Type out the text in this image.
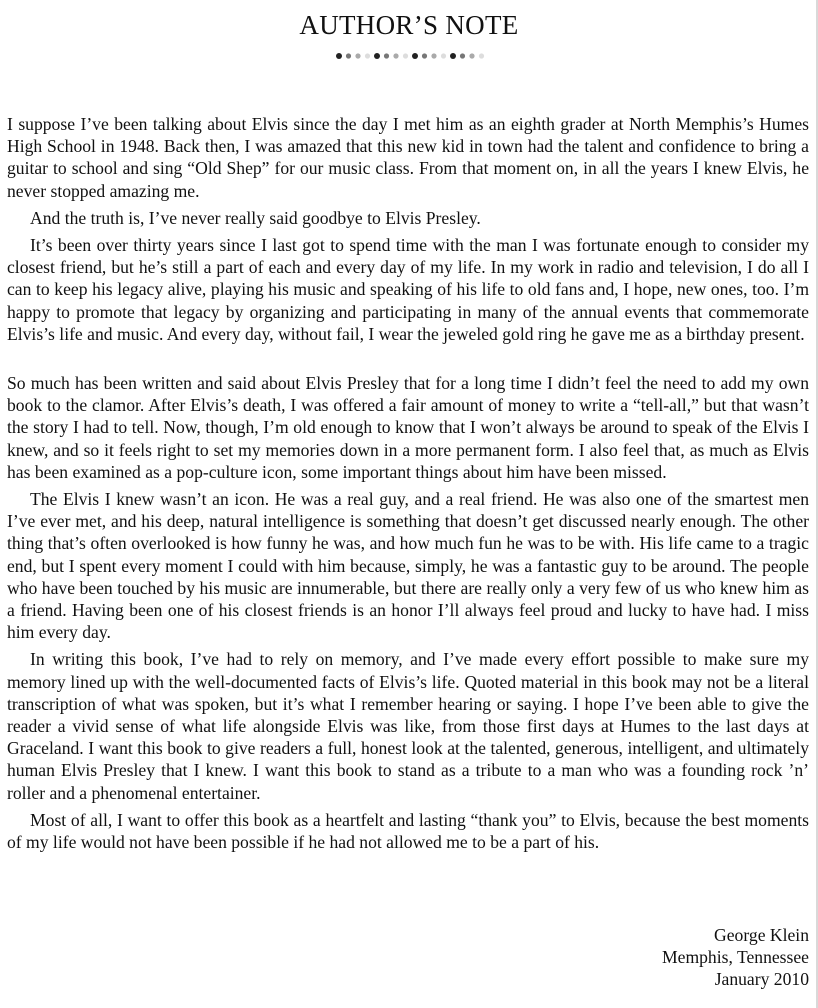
AUTHOR’S NOTE

I suppose I’ve been talking about Elvis since the day I met him as an eighth grader at North Memphis’s Humes High School in 1948. Back then, I was amazed that this new kid in town had the talent and confidence to bring a guitar to school and sing “Old Shep” for our music class. From that moment on, in all the years I knew Elvis, he never stopped amazing me.

And the truth is, I’ve never really said goodbye to Elvis Presley.

It’s been over thirty years since I last got to spend time with the man I was fortunate enough to consider my closest friend, but he’s still a part of each and every day of my life. In my work in radio and television, I do all I can to keep his legacy alive, playing his music and speaking of his life to old fans and, I hope, new ones, too. I’m happy to promote that legacy by organizing and participating in many of the annual events that commemorate Elvis’s life and music. And every day, without fail, I wear the jeweled gold ring he gave me as a birthday present.

So much has been written and said about Elvis Presley that for a long time I didn’t feel the need to add my own book to the clamor. After Elvis’s death, I was offered a fair amount of money to write a “tell-all,” but that wasn’t the story I had to tell. Now, though, I’m old enough to know that I won’t always be around to speak of the Elvis I knew, and so it feels right to set my memories down in a more permanent form. I also feel that, as much as Elvis has been examined as a pop-culture icon, some important things about him have been missed.

The Elvis I knew wasn’t an icon. He was a real guy, and a real friend. He was also one of the smartest men I’ve ever met, and his deep, natural intelligence is something that doesn’t get discussed nearly enough. The other thing that’s often overlooked is how funny he was, and how much fun he was to be with. His life came to a tragic end, but I spent every moment I could with him because, simply, he was a fantastic guy to be around. The people who have been touched by his music are innumerable, but there are really only a very few of us who knew him as a friend. Having been one of his closest friends is an honor I’ll always feel proud and lucky to have had. I miss him every day.

In writing this book, I’ve had to rely on memory, and I’ve made every effort possible to make sure my memory lined up with the well-documented facts of Elvis’s life. Quoted material in this book may not be a literal transcription of what was spoken, but it’s what I remember hearing or saying. I hope I’ve been able to give the reader a vivid sense of what life alongside Elvis was like, from those first days at Humes to the last days at Graceland. I want this book to give readers a full, honest look at the talented, generous, intelligent, and ultimately human Elvis Presley that I knew. I want this book to stand as a tribute to a man who was a founding rock ’n’ roller and a phenomenal entertainer.

Most of all, I want to offer this book as a heartfelt and lasting “thank you” to Elvis, because the best moments of my life would not have been possible if he had not allowed me to be a part of his.

George Klein
Memphis, Tennessee
January 2010
